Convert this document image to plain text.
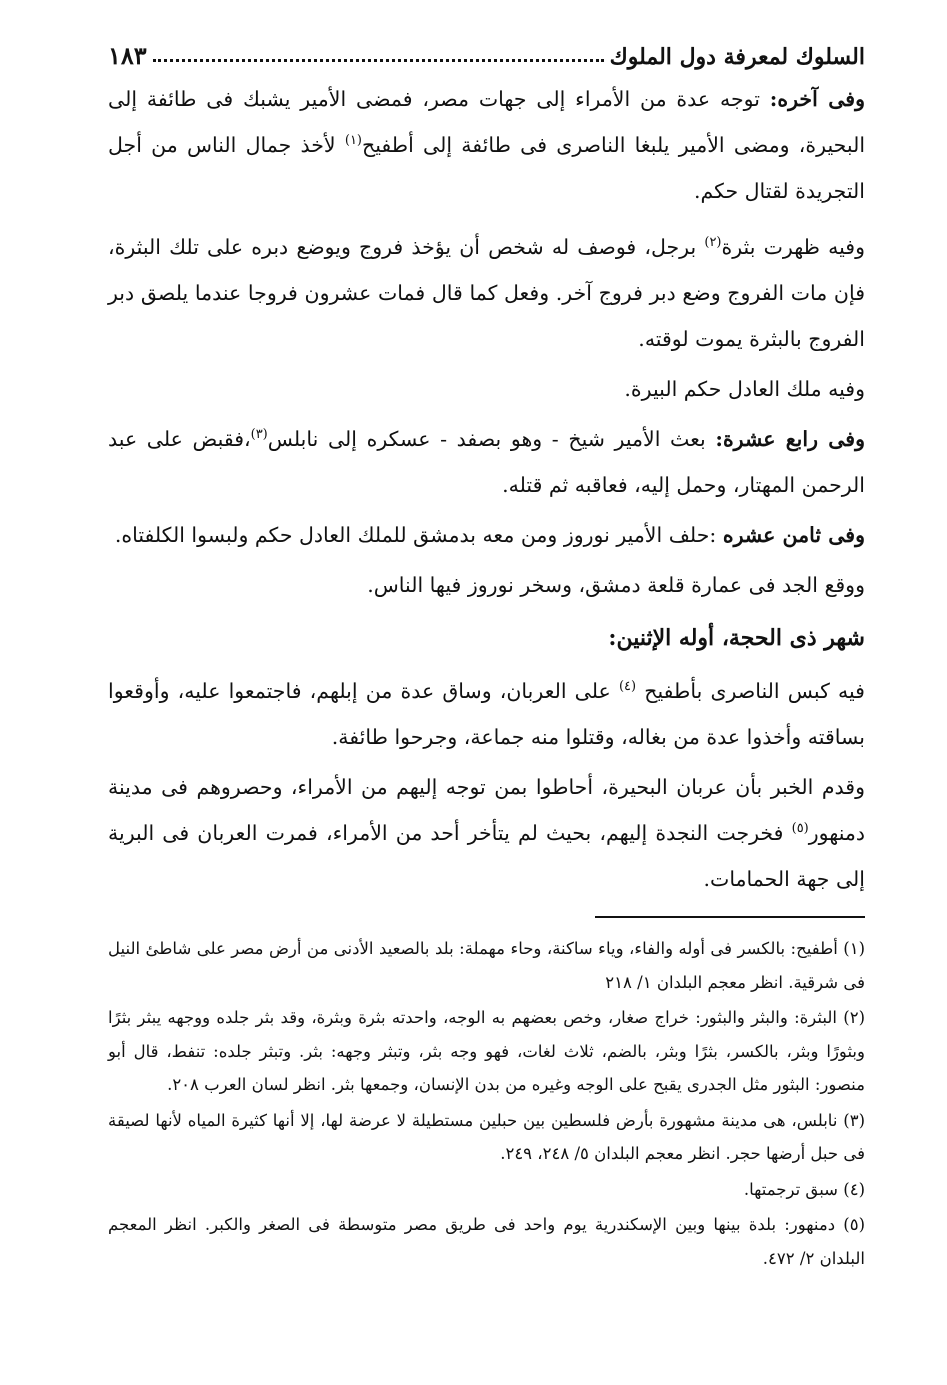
السلوك لمعرفة دول الملوك
١٨٣

وفى آخره: توجه عدة من الأمراء إلى جهات مصر، فمضى الأمير يشبك فى طائفة إلى البحيرة، ومضى الأمير يلبغا الناصرى فى طائفة إلى أطفيح$^{(١)}$ لأخذ جمال الناس من أجل التجريدة لقتال حكم.

وفيه ظهرت بثرة$^{(٢)}$ برجل، فوصف له شخص أن يؤخذ فروج ويوضع دبره على تلك البثرة، فإن مات الفروج وضع دبر فروج آخر. وفعل كما قال فمات عشرون فروجا عندما يلصق دبر الفروج بالبثرة يموت لوقته.

وفيه ملك العادل حكم البيرة.

وفى رابع عشرة: بعث الأمير شيخ - وهو بصفد - عسكره إلى نابلس$^{(٣)}$،فقبض على عبد الرحمن المهتار، وحمل إليه، فعاقبه ثم قتله.

وفى ثامن عشره :حلف الأمير نوروز ومن معه بدمشق للملك العادل حكم ولبسوا الكلفتاه.

ووقع الجد فى عمارة قلعة دمشق، وسخر نوروز فيها الناس.

شهر ذى الحجة، أوله الإثنين:

فيه كبس الناصرى بأطفيح $^{(٤)}$ على العربان، وساق عدة من إبلهم، فاجتمعوا عليه، وأوقعوا بساقته وأخذوا عدة من بغاله، وقتلوا منه جماعة، وجرحوا طائفة.

وقدم الخبر بأن عربان البحيرة، أحاطوا بمن توجه إليهم من الأمراء، وحصروهم فى مدينة دمنهور$^{(٥)}$ فخرجت النجدة إليهم، بحيث لم يتأخر أحد من الأمراء، فمرت العربان فى البرية إلى جهة الحمامات.

(١) أطفيح: بالكسر فى أوله والفاء، وياء ساكنة، وحاء مهملة: بلد بالصعيد الأدنى من أرض مصر على شاطئ النيل فى شرقية. انظر معجم البلدان ١/ ٢١٨

(٢) البثرة: والبثر والبثور: خراج صغار، وخص بعضهم به الوجه، واحدته بثرة وبثرة، وقد بثر جلده ووجهه يبثر بثرًا وبثورًا وبثر، بالكسر، بثرًا وبثر، بالضم، ثلاث لغات، فهو وجه بثر، وتبثر وجهه: بثر. وتبثر جلده: تنفط، قال أبو منصور: البثور مثل الجدرى يقبح على الوجه وغيره من بدن الإنسان، وجمعها بثر. انظر لسان العرب ٢٠٨.

(٣) نابلس، هى مدينة مشهورة بأرض فلسطين بين حبلين مستطيلة لا عرضة لها، إلا أنها كثيرة المياه لأنها لصيقة فى حبل أرضها حجر. انظر معجم البلدان ٥/ ٢٤٨، ٢٤٩.

(٤) سبق ترجمتها.

(٥) دمنهور: بلدة بينها وبين الإسكندرية يوم واحد فى طريق مصر متوسطة فى الصغر والكبر. انظر المعجم البلدان ٢/ ٤٧٢.
